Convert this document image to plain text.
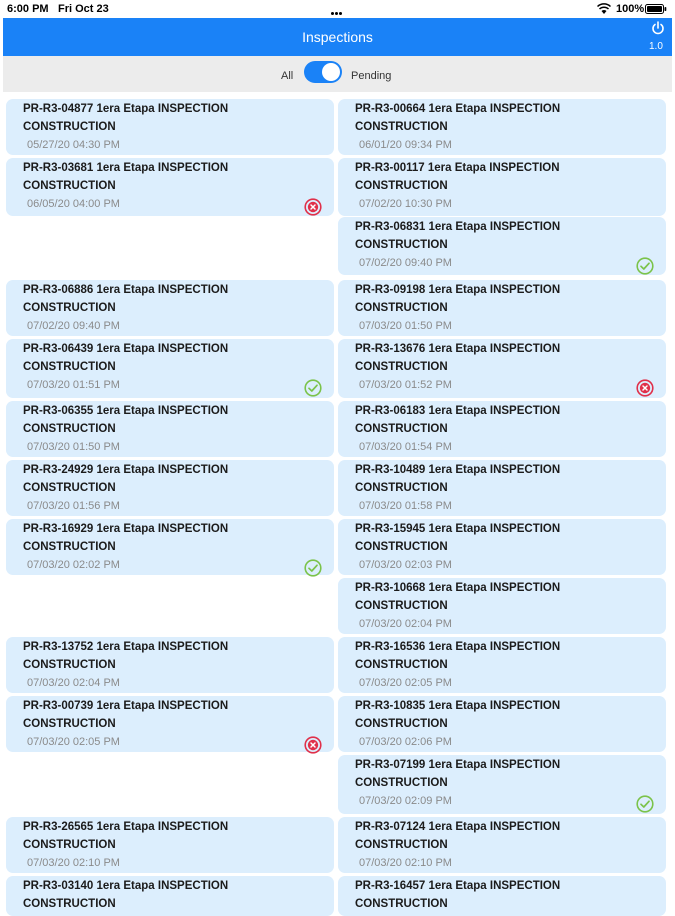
6:00 PM Fri Oct 23	100%
Inspections
1.0
All	Pending
PR-R3-04877 1era Etapa INSPECTION
CONSTRUCTION
05/27/20 04:30 PM
PR-R3-00664 1era Etapa INSPECTION
CONSTRUCTION
06/01/20 09:34 PM
PR-R3-03681 1era Etapa INSPECTION
CONSTRUCTION
06/05/20 04:00 PM
PR-R3-00117 1era Etapa INSPECTION
CONSTRUCTION
07/02/20 10:30 PM
PR-R3-06831 1era Etapa INSPECTION
CONSTRUCTION
07/02/20 09:40 PM
PR-R3-06886 1era Etapa INSPECTION
CONSTRUCTION
07/02/20 09:40 PM
PR-R3-09198 1era Etapa INSPECTION
CONSTRUCTION
07/03/20 01:50 PM
PR-R3-06439 1era Etapa INSPECTION
CONSTRUCTION
07/03/20 01:51 PM
PR-R3-13676 1era Etapa INSPECTION
CONSTRUCTION
07/03/20 01:52 PM
PR-R3-06355 1era Etapa INSPECTION
CONSTRUCTION
07/03/20 01:50 PM
PR-R3-06183 1era Etapa INSPECTION
CONSTRUCTION
07/03/20 01:54 PM
PR-R3-24929 1era Etapa INSPECTION
CONSTRUCTION
07/03/20 01:56 PM
PR-R3-10489 1era Etapa INSPECTION
CONSTRUCTION
07/03/20 01:58 PM
PR-R3-16929 1era Etapa INSPECTION
CONSTRUCTION
07/03/20 02:02 PM
PR-R3-15945 1era Etapa INSPECTION
CONSTRUCTION
07/03/20 02:03 PM
PR-R3-10668 1era Etapa INSPECTION
CONSTRUCTION
07/03/20 02:04 PM
PR-R3-13752 1era Etapa INSPECTION
CONSTRUCTION
07/03/20 02:04 PM
PR-R3-16536 1era Etapa INSPECTION
CONSTRUCTION
07/03/20 02:05 PM
PR-R3-00739 1era Etapa INSPECTION
CONSTRUCTION
07/03/20 02:05 PM
PR-R3-10835 1era Etapa INSPECTION
CONSTRUCTION
07/03/20 02:06 PM
PR-R3-07199 1era Etapa INSPECTION
CONSTRUCTION
07/03/20 02:09 PM
PR-R3-26565 1era Etapa INSPECTION
CONSTRUCTION
07/03/20 02:10 PM
PR-R3-07124 1era Etapa INSPECTION
CONSTRUCTION
07/03/20 02:10 PM
PR-R3-03140 1era Etapa INSPECTION
CONSTRUCTION
PR-R3-16457 1era Etapa INSPECTION
CONSTRUCTION
